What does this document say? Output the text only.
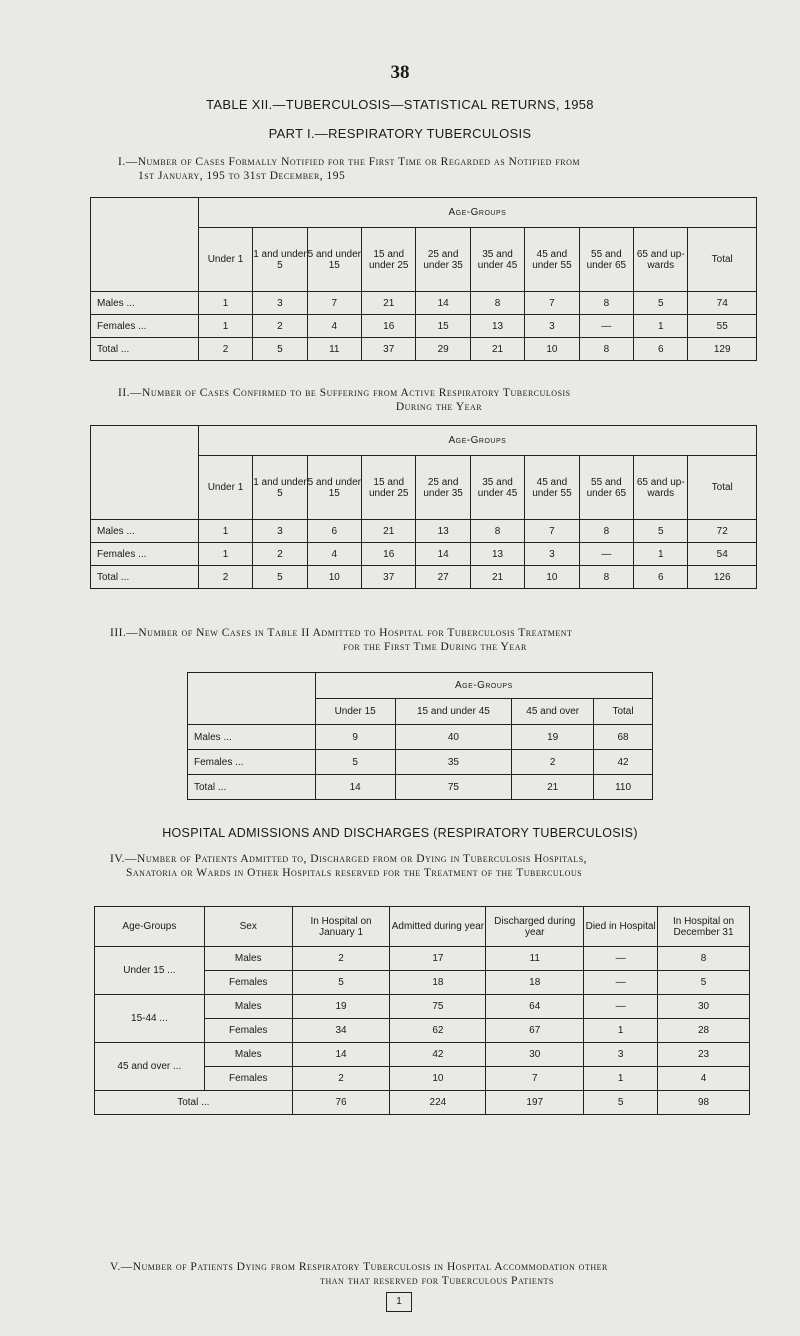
38
TABLE XII.—TUBERCULOSIS—STATISTICAL RETURNS, 1958
PART I.—RESPIRATORY TUBERCULOSIS
I.—Number of Cases Formally Notified for the First Time or Regarded as Notified from
1st January, 195 to 31st December, 195
	Age-Groups									
	Under 1	1 and under 5	5 and under 15	15 and under 25	25 and under 35	35 and under 45	45 and under 55	55 and under 65	65 and up-wards	Total
Males ...	1	3	7	21	14	8	7	8	5	74
Females ...	1	2	4	16	15	13	3	—	1	55
Total ...	2	5	11	37	29	21	10	8	6	129
II.—Number of Cases Confirmed to be Suffering from Active Respiratory Tuberculosis
During the Year
	Age-Groups									
	Under 1	1 and under 5	5 and under 15	15 and under 25	25 and under 35	35 and under 45	45 and under 55	55 and under 65	65 and up-wards	Total
Males ...	1	3	6	21	13	8	7	8	5	72
Females ...	1	2	4	16	14	13	3	—	1	54
Total ...	2	5	10	37	27	21	10	8	6	126
III.—Number of New Cases in Table II Admitted to Hospital for Tuberculosis Treatment
for the First Time During the Year
	Age-Groups			
	Under 15	15 and under 45	45 and over	Total
Males ...	9	40	19	68
Females ...	5	35	2	42
Total ...	14	75	21	110
HOSPITAL ADMISSIONS AND DISCHARGES (RESPIRATORY TUBERCULOSIS)
IV.—Number of Patients Admitted to, Discharged from or Dying in Tuberculosis Hospitals,
Sanatoria or Wards in Other Hospitals reserved for the Treatment of the Tuberculous
Age-Groups	Sex	In Hospital on January 1	Admitted during year	Discharged during year	Died in Hospital	In Hospital on December 31
Under 15 ...	Males	2	17	11	—	8
	Females	5	18	18	—	5
15-44 ...	Males	19	75	64	—	30
	Females	34	62	67	1	28
45 and over ...	Males	14	42	30	3	23
	Females	2	10	7	1	4
Total ...		76	224	197	5	98
V.—Number of Patients Dying from Respiratory Tuberculosis in Hospital Accommodation other
than that reserved for Tuberculous Patients
1
